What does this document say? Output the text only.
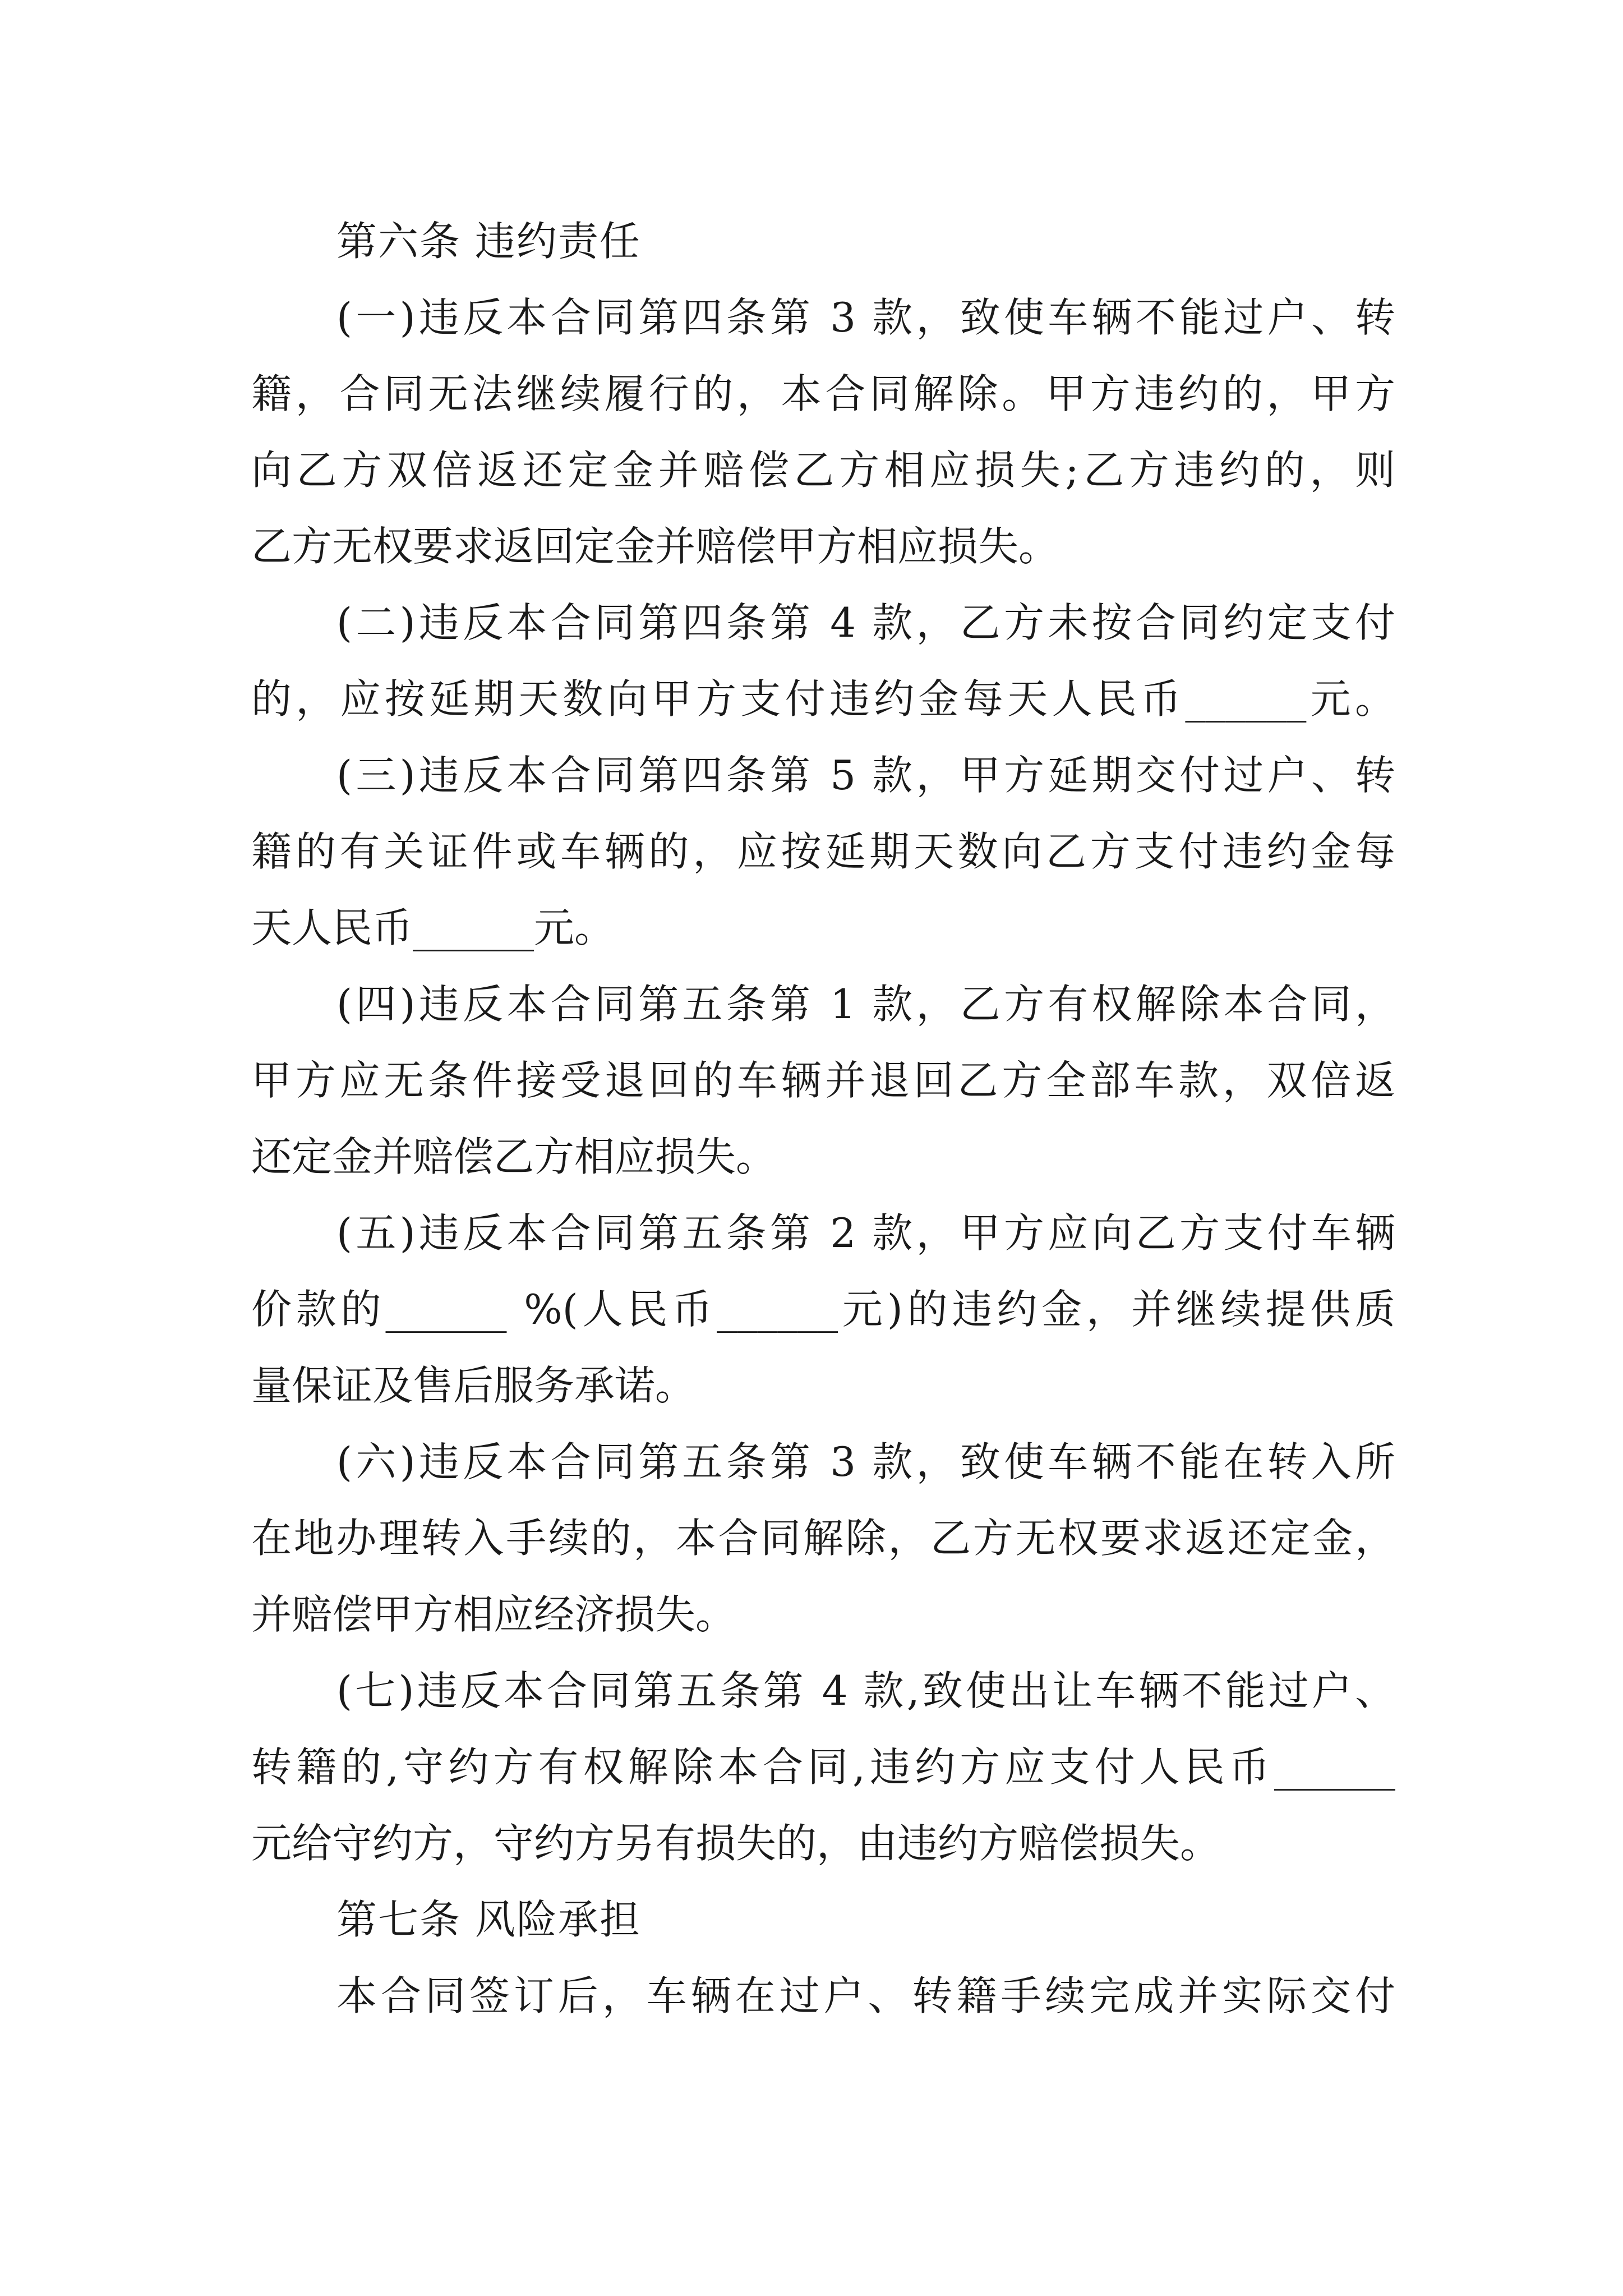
第六条 违约责任
(一)违反本合同第四条第 3 款，致使车辆不能过户、转
籍，合同无法继续履行的，本合同解除。甲方违约的，甲方
向乙方双倍返还定金并赔偿乙方相应损失;乙方违约的，则
乙方无权要求返回定金并赔偿甲方相应损失。
(二)违反本合同第四条第 4 款，乙方未按合同约定支付
的，应按延期天数向甲方支付违约金每天人民币______元。
(三)违反本合同第四条第 5 款，甲方延期交付过户、转
籍的有关证件或车辆的，应按延期天数向乙方支付违约金每
天人民币______元。
(四)违反本合同第五条第 1 款，乙方有权解除本合同，
甲方应无条件接受退回的车辆并退回乙方全部车款，双倍返
还定金并赔偿乙方相应损失。
(五)违反本合同第五条第 2 款，甲方应向乙方支付车辆
价款的______ %(人民币______元)的违约金，并继续提供质
量保证及售后服务承诺。
(六)违反本合同第五条第 3 款，致使车辆不能在转入所
在地办理转入手续的，本合同解除，乙方无权要求返还定金，
并赔偿甲方相应经济损失。
(七)违反本合同第五条第 4 款,致使出让车辆不能过户、
转籍的,守约方有权解除本合同,违约方应支付人民币______
元给守约方，守约方另有损失的，由违约方赔偿损失。
第七条 风险承担
本合同签订后，车辆在过户、转籍手续完成并实际交付
